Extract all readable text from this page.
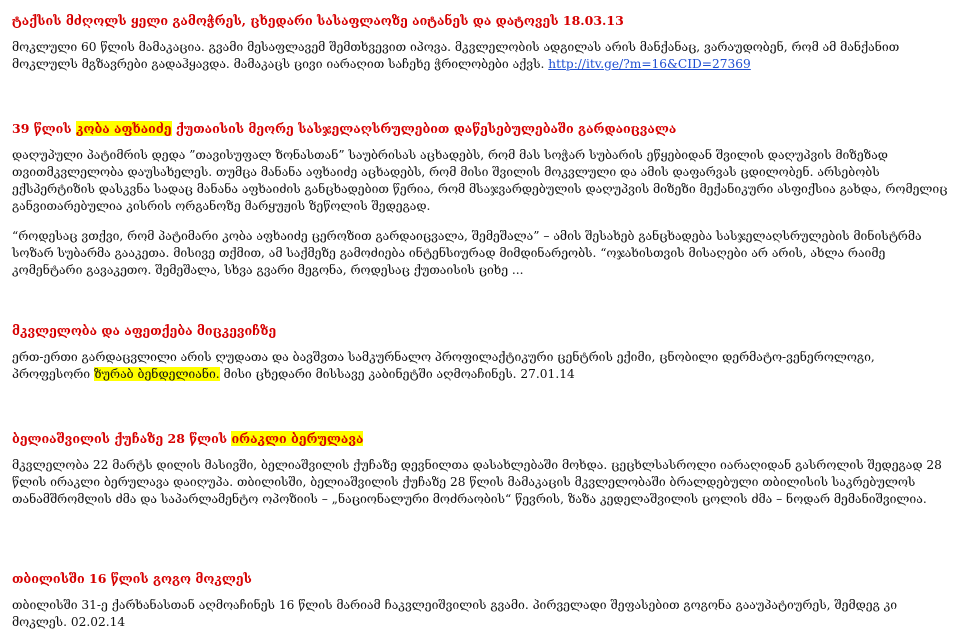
ტაქსის მძღოლს ყელი გამოჭრეს, ცხედარი სასაფლაოზე აიტანეს და დატოვეს 18.03.13
მოკლული 60 წლის მამაკაცია. გვამი მესაფლავემ შემთხვევით იპოვა. მკვლელობის ადგილას არის მანქანაც, ვარაუდობენ, რომ ამ მანქანით მოკლულს მგზავრები გადაჰყავდა. მამაკაცს ცივი იარაღით საჩეხე ჭრილობები აქვს. http://itv.ge/?m=16&CID=27369
39 წლის კობა აფხაიძე ქუთაისის მეორე სასჯელაღსრულებით დაწესებულებაში გარდაიცვალა
დაღუპული პატიმრის დედა ”თავისუფალ ზონასთან” საუბრისას აცხადებს, რომ მას სოჭარ სუბარის ეწყებიდან შვილის დაღუპვის მიზეზად თვითმკვლელობა დაუსახელეს. თუმცა მანანა აფხაიძე აცხადებს, რომ მისი შვილის მოკვლული და ამის დაფარვას ცდილობენ. არსებობს ექსპერტიზის დასკვნა სადაც მანანა აფხაიძის განცხადებით წერია, რომ მსაჯვარდებულის დაღუპვის მიზეზი მექანიკური ასფიქსია გახდა, რომელიც განვითარებულია კისრის ორგანოზე მარყუჟის ზეწოლის შედეგად.
“როდესაც ვთქვი, რომ პატიმარი კობა აფხაიძე ცეროზით გარდაიცვალა, შემეშალა” – ამის შესახებ განცხადება სასჯელაღსრულების მინისტრმა სოზარ სუბარმა გააკეთა. მისივე თქმით, ამ საქმეზე გამოძიება ინტენსიურად მიმდინარეობს. “ოჯახისთვის მისაღები არ არის, ახლა რაიმე კომენტარი გავაკეთო. შემეშალა, სხვა გვარი მეგონა, როდესაც ქუთაისის ციხე ...
მკვლელობა და აფეთქება მიცკევიჩზე
ერთ-ერთი გარდაცვლილი არის ღუდათა და ბავშვთა სამკურნალო პროფილაქტიკური ცენტრის ექიმი, ცნობილი დერმატო-ვენეროლოგი, პროფესორი ზურაბ ბენდელიანი. მისი ცხედარი მისსავე კაბინეტში აღმოაჩინეს. 27.01.14
ბელიაშვილის ქუჩაზე 28 წლის ირაკლი ბერულავა
მკვლელობა 22 მარტს დილის მასივში, ბელიაშვილის ქუჩაზე დევნილთა დასახლებაში მოხდა. ცეცხლსასროლი იარაღიდან გასროლის შედეგად 28 წლის ირაკლი ბერულავა დაიღუპა. თბილისში, ბელიაშვილის ქუჩაზე 28 წლის მამაკაცის მკვლელობაში ბრალდებული თბილისის საკრებულოს თანამშრომლის ძმა და საპარლამენტო ოპოზიის – „ნაციონალური მოძრაობის“ წევრის, ზაზა კედელაშვილის ცოლის ძმა – ნოდარ მემანიშვილია.
თბილისში 16 წლის გოგო მოკლეს
თბილისში 31-ე ქარხანასთან აღმოაჩინეს 16 წლის მარიამ ჩაკვლეიშვილის გვამი. პირველადი შეფასებით გოგონა გააუპატიურეს, შემდეგ კი მოკლეს. 02.02.14
